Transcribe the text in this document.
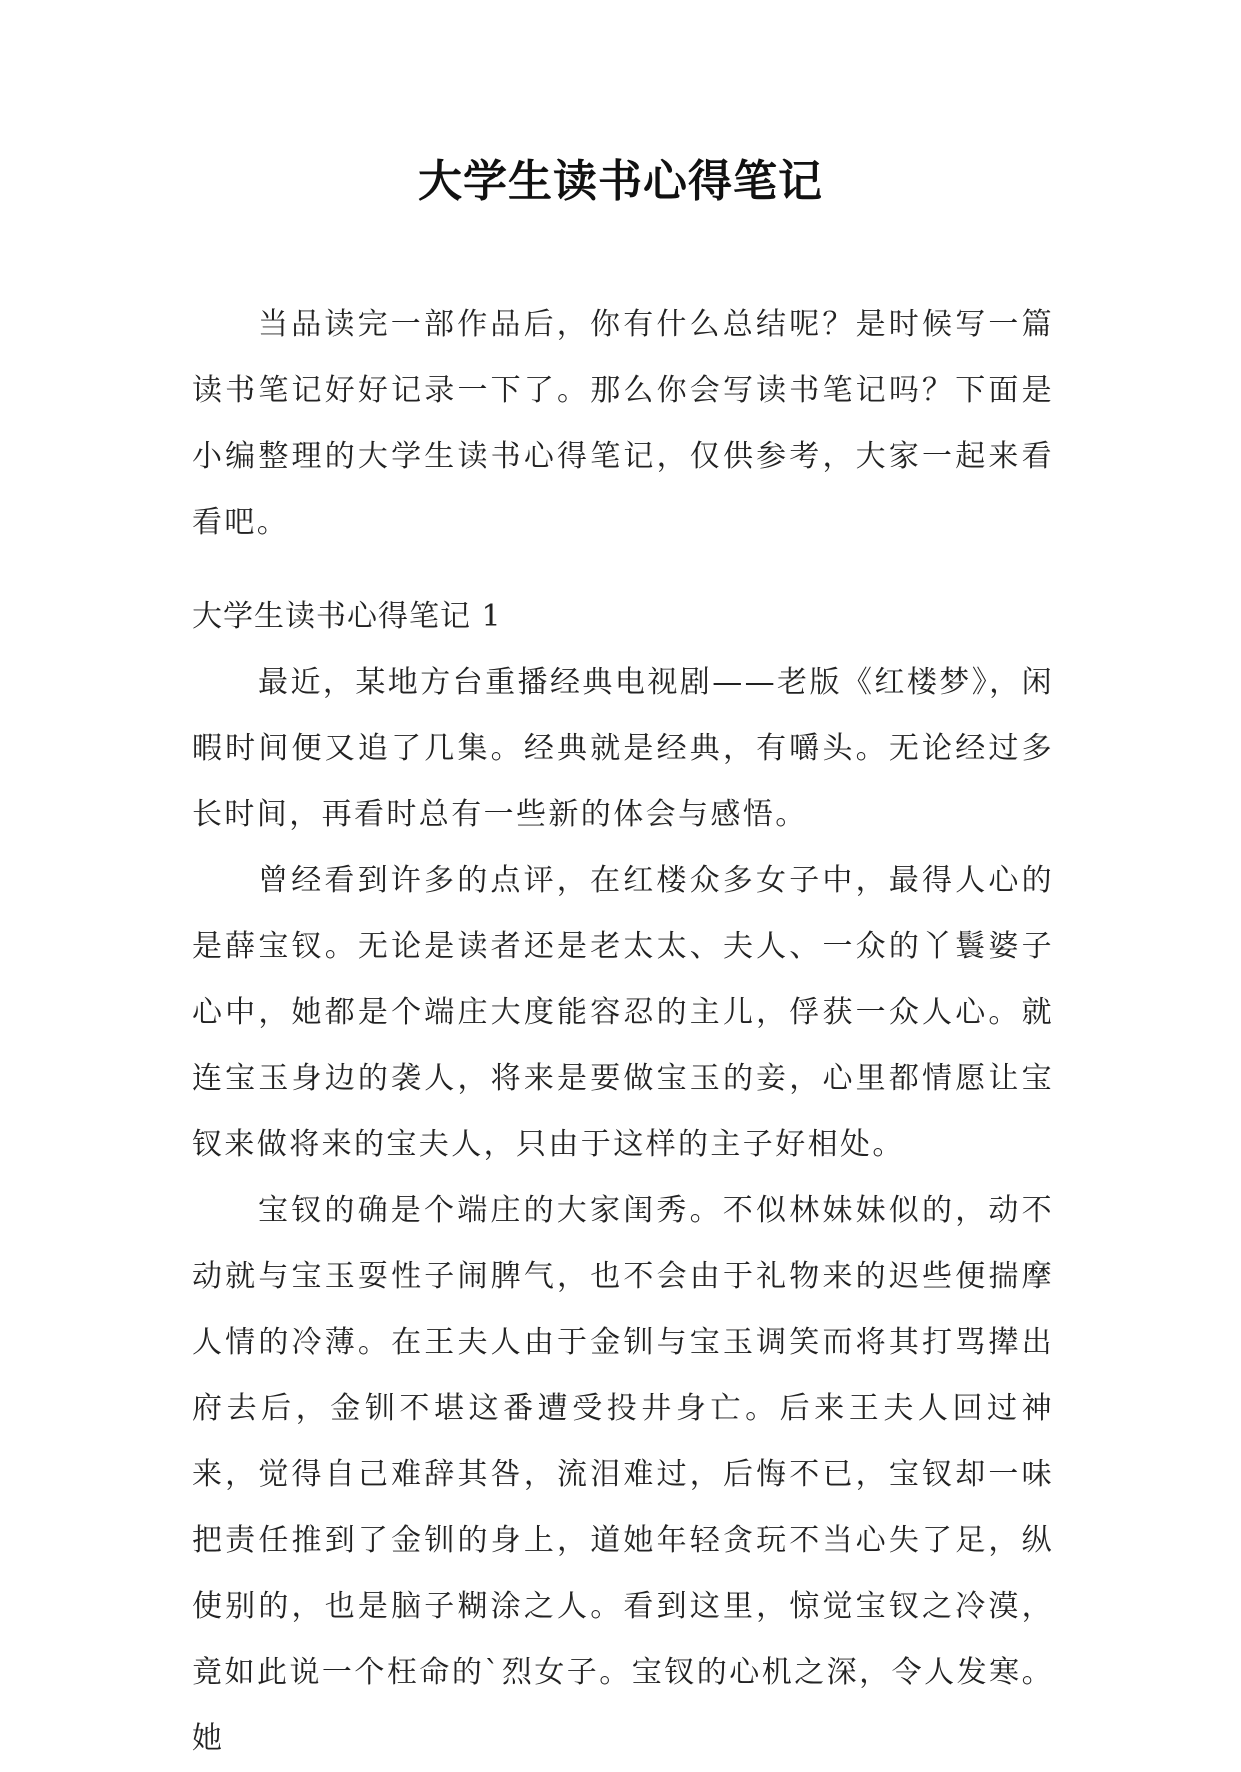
大学生读书心得笔记

当品读完一部作品后，你有什么总结呢？是时候写一篇读书笔记好好记录一下了。那么你会写读书笔记吗？下面是小编整理的大学生读书心得笔记，仅供参考，大家一起来看看吧。

大学生读书心得笔记 1

最近，某地方台重播经典电视剧——老版《红楼梦》，闲暇时间便又追了几集。经典就是经典，有嚼头。无论经过多长时间，再看时总有一些新的体会与感悟。

曾经看到许多的点评，在红楼众多女子中，最得人心的是薛宝钗。无论是读者还是老太太、夫人、一众的丫鬟婆子心中，她都是个端庄大度能容忍的主儿，俘获一众人心。就连宝玉身边的袭人，将来是要做宝玉的妾，心里都情愿让宝钗来做将来的宝夫人，只由于这样的主子好相处。

宝钗的确是个端庄的大家闺秀。不似林妹妹似的，动不动就与宝玉耍性子闹脾气，也不会由于礼物来的迟些便揣摩人情的冷薄。在王夫人由于金钏与宝玉调笑而将其打骂撵出府去后，金钏不堪这番遭受投井身亡。后来王夫人回过神来，觉得自己难辞其咎，流泪难过，后悔不已，宝钗却一味把责任推到了金钏的身上，道她年轻贪玩不当心失了足，纵使别的，也是脑子糊涂之人。看到这里，惊觉宝钗之冷漠，竟如此说一个枉命的`烈女子。宝钗的心机之深，令人发寒。她
